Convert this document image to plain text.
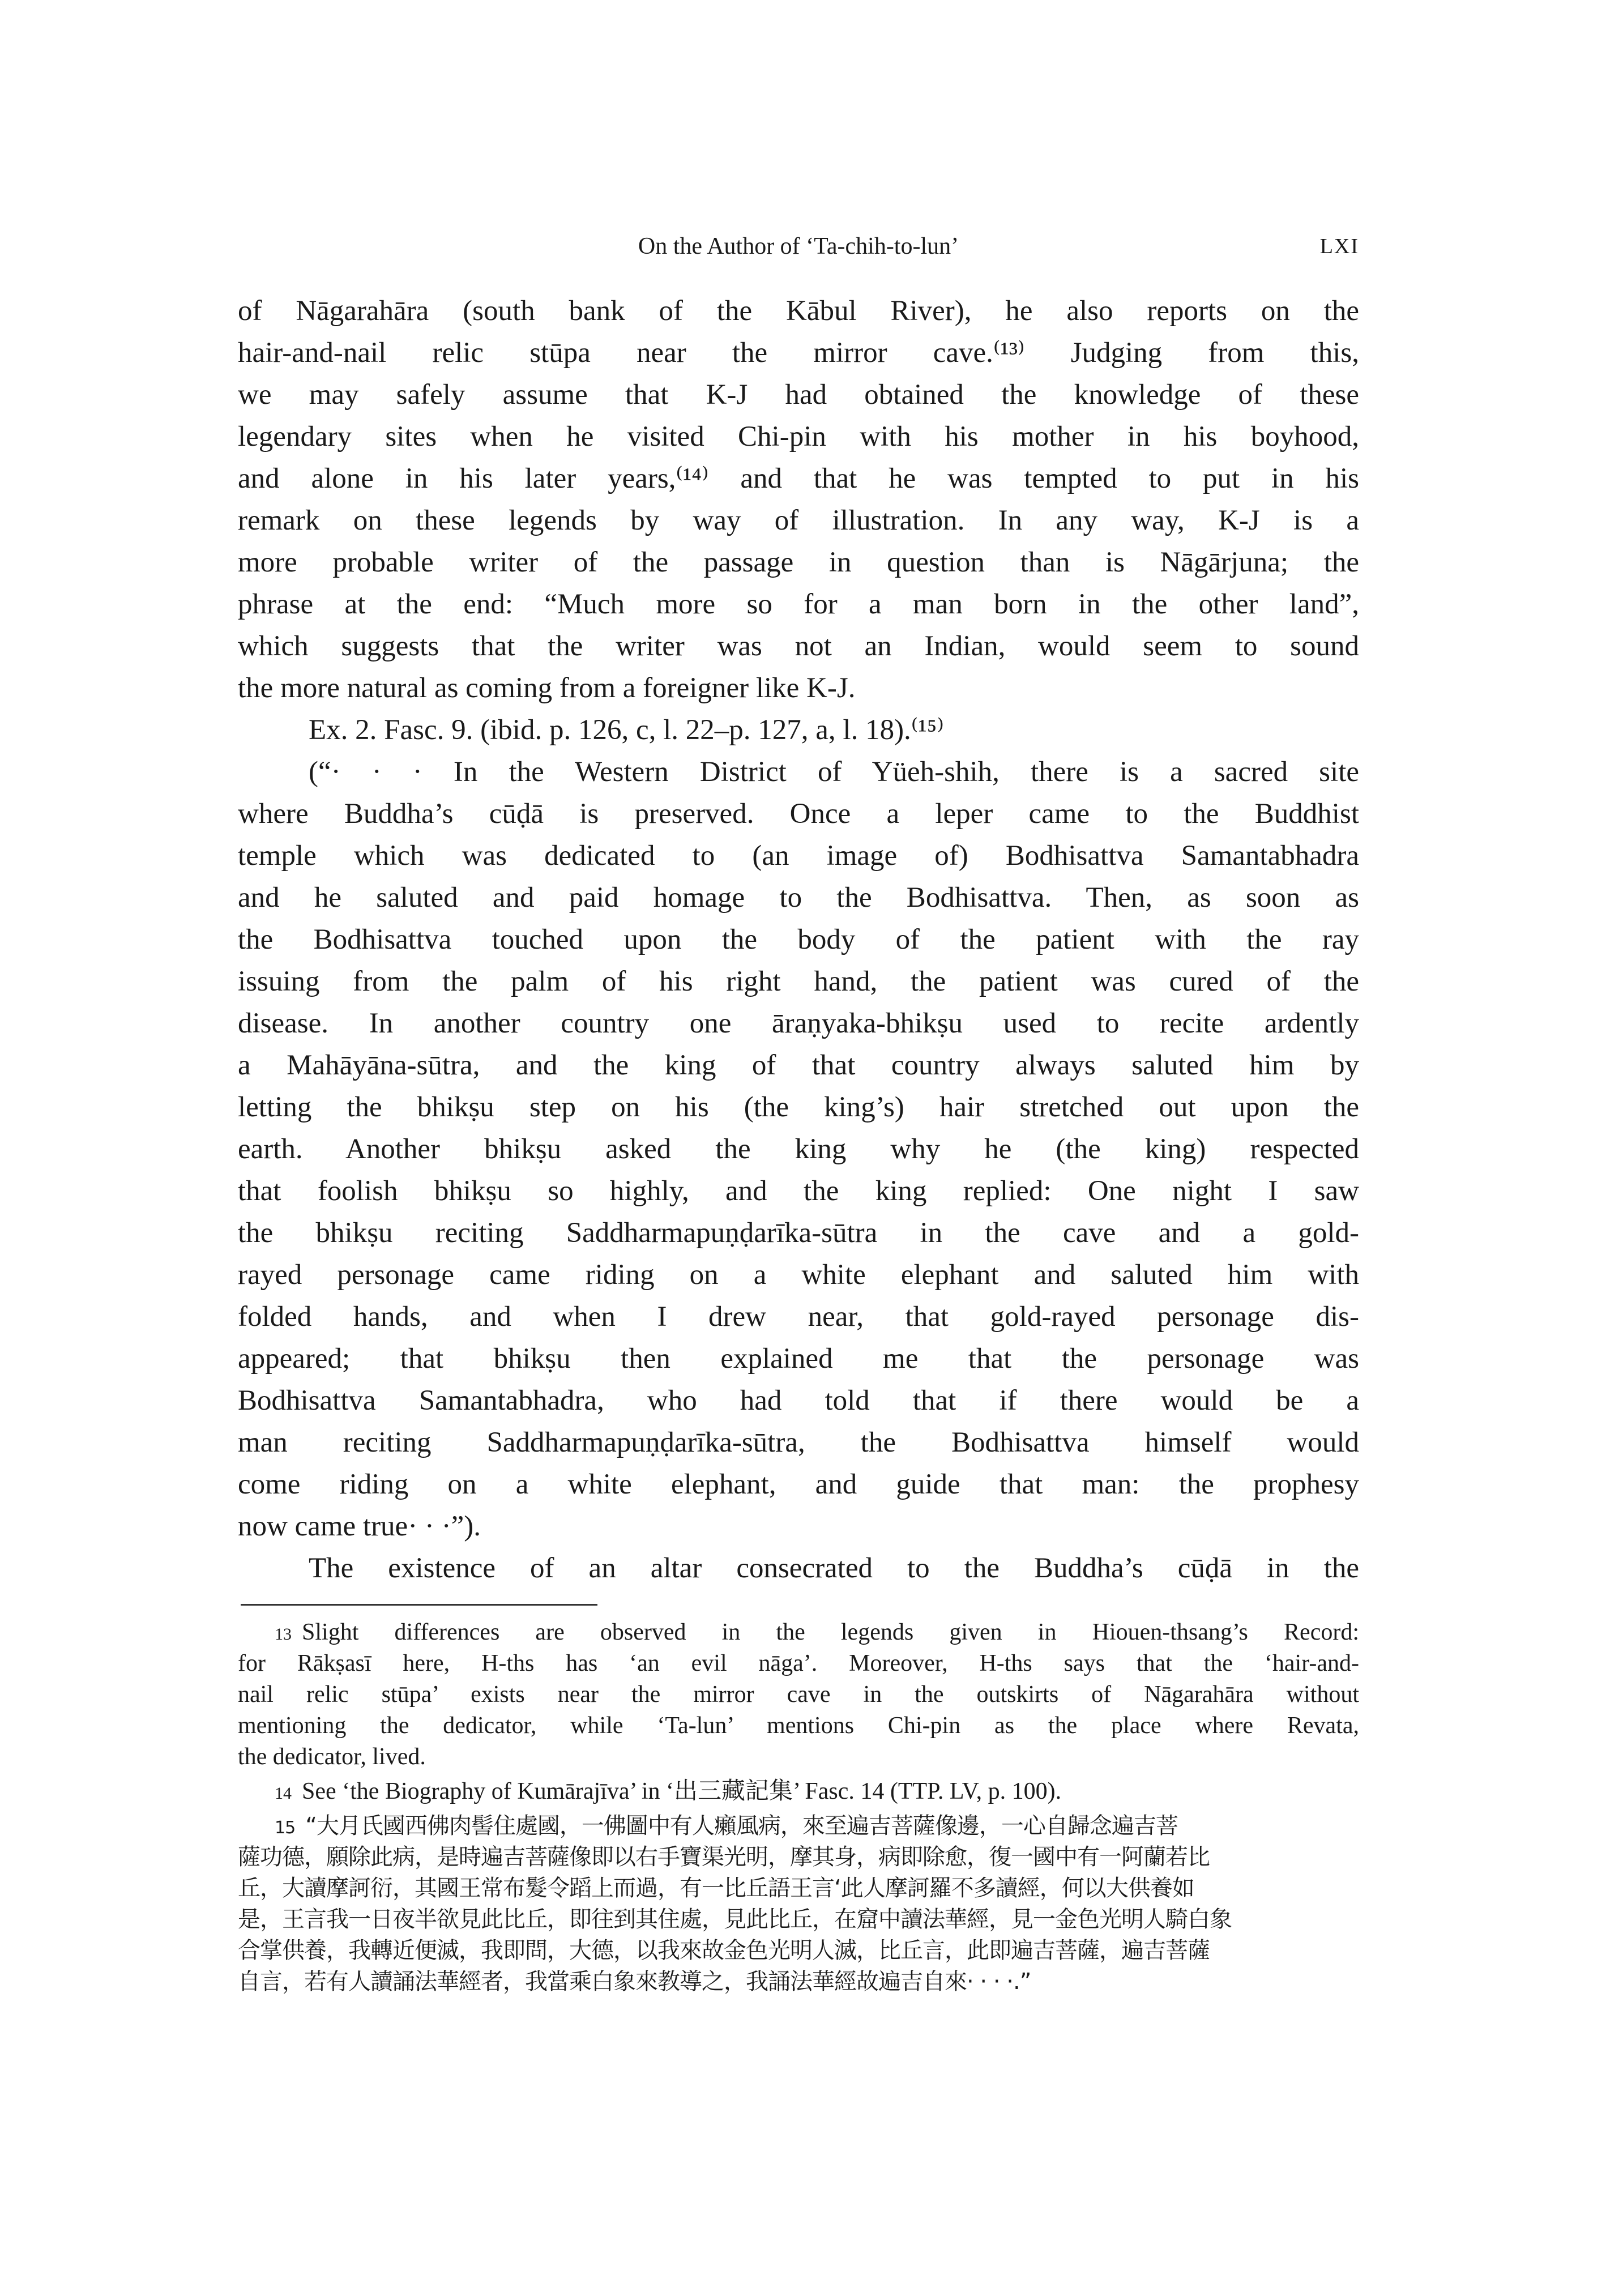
On the Author of ‘Ta-chih-to-lun’	LXI
of Nāgarahāra (south bank of the Kābul River), he also reports on the
hair-and-nail relic stūpa near the mirror cave.⁽¹³⁾ Judging from this,
we may safely assume that K-J had obtained the knowledge of these
legendary sites when he visited Chi-pin with his mother in his boyhood,
and alone in his later years,⁽¹⁴⁾ and that he was tempted to put in his
remark on these legends by way of illustration. In any way, K-J is a
more probable writer of the passage in question than is Nāgārjuna; the
phrase at the end: “Much more so for a man born in the other land”,
which suggests that the writer was not an Indian, would seem to sound
the more natural as coming from a foreigner like K-J.
Ex. 2. Fasc. 9. (ibid. p. 126, c, l. 22–p. 127, a, l. 18).⁽¹⁵⁾
(“· · · In the Western District of Yüeh-shih, there is a sacred site
where Buddha’s cūḍā is preserved. Once a leper came to the Buddhist
temple which was dedicated to (an image of) Bodhisattva Samantabhadra
and he saluted and paid homage to the Bodhisattva. Then, as soon as
the Bodhisattva touched upon the body of the patient with the ray
issuing from the palm of his right hand, the patient was cured of the
disease. In another country one āraṇyaka-bhikṣu used to recite ardently
a Mahāyāna-sūtra, and the king of that country always saluted him by
letting the bhikṣu step on his (the king’s) hair stretched out upon the
earth. Another bhikṣu asked the king why he (the king) respected
that foolish bhikṣu so highly, and the king replied: One night I saw
the bhikṣu reciting Saddharmapuṇḍarīka-sūtra in the cave and a gold-
rayed personage came riding on a white elephant and saluted him with
folded hands, and when I drew near, that gold-rayed personage dis-
appeared; that bhikṣu then explained me that the personage was
Bodhisattva Samantabhadra, who had told that if there would be a
man reciting Saddharmapuṇḍarīka-sūtra, the Bodhisattva himself would
come riding on a white elephant, and guide that man: the prophesy
now came true· · ·”).
The existence of an altar consecrated to the Buddha’s cūḍā in the
13 Slight differences are observed in the legends given in Hiouen-thsang’s Record:
for Rākṣasī here, H-ths has ‘an evil nāga’. Moreover, H-ths says that the ‘hair-and-
nail relic stūpa’ exists near the mirror cave in the outskirts of Nāgarahāra without
mentioning the dedicator, while ‘Ta-lun’ mentions Chi-pin as the place where Revata,
the dedicator, lived.
14 See ‘the Biography of Kumārajīva’ in ‘出三藏記集’ Fasc. 14 (TTP. LV, p. 100).
15 “大月氏國西佛肉髻住處國，一佛圖中有人癩風病，來至遍吉菩薩像邊，一心自歸念遍吉菩
薩功德，願除此病，是時遍吉菩薩像即以右手寶渠光明，摩其身，病即除愈，復一國中有一阿蘭若比
丘，大讀摩訶衍，其國王常布髮令蹈上而過，有一比丘語王言‘此人摩訶羅不多讀經，何以大供養如
是，王言我一日夜半欲見此比丘，即往到其住處，見此比丘，在窟中讀法華經，見一金色光明人騎白象
合掌供養，我轉近便滅，我即問，大德，以我來故金色光明人滅，比丘言，此即遍吉菩薩，遍吉菩薩
自言，若有人讀誦法華經者，我當乘白象來教導之，我誦法華經故遍吉自來· · · ·.”
